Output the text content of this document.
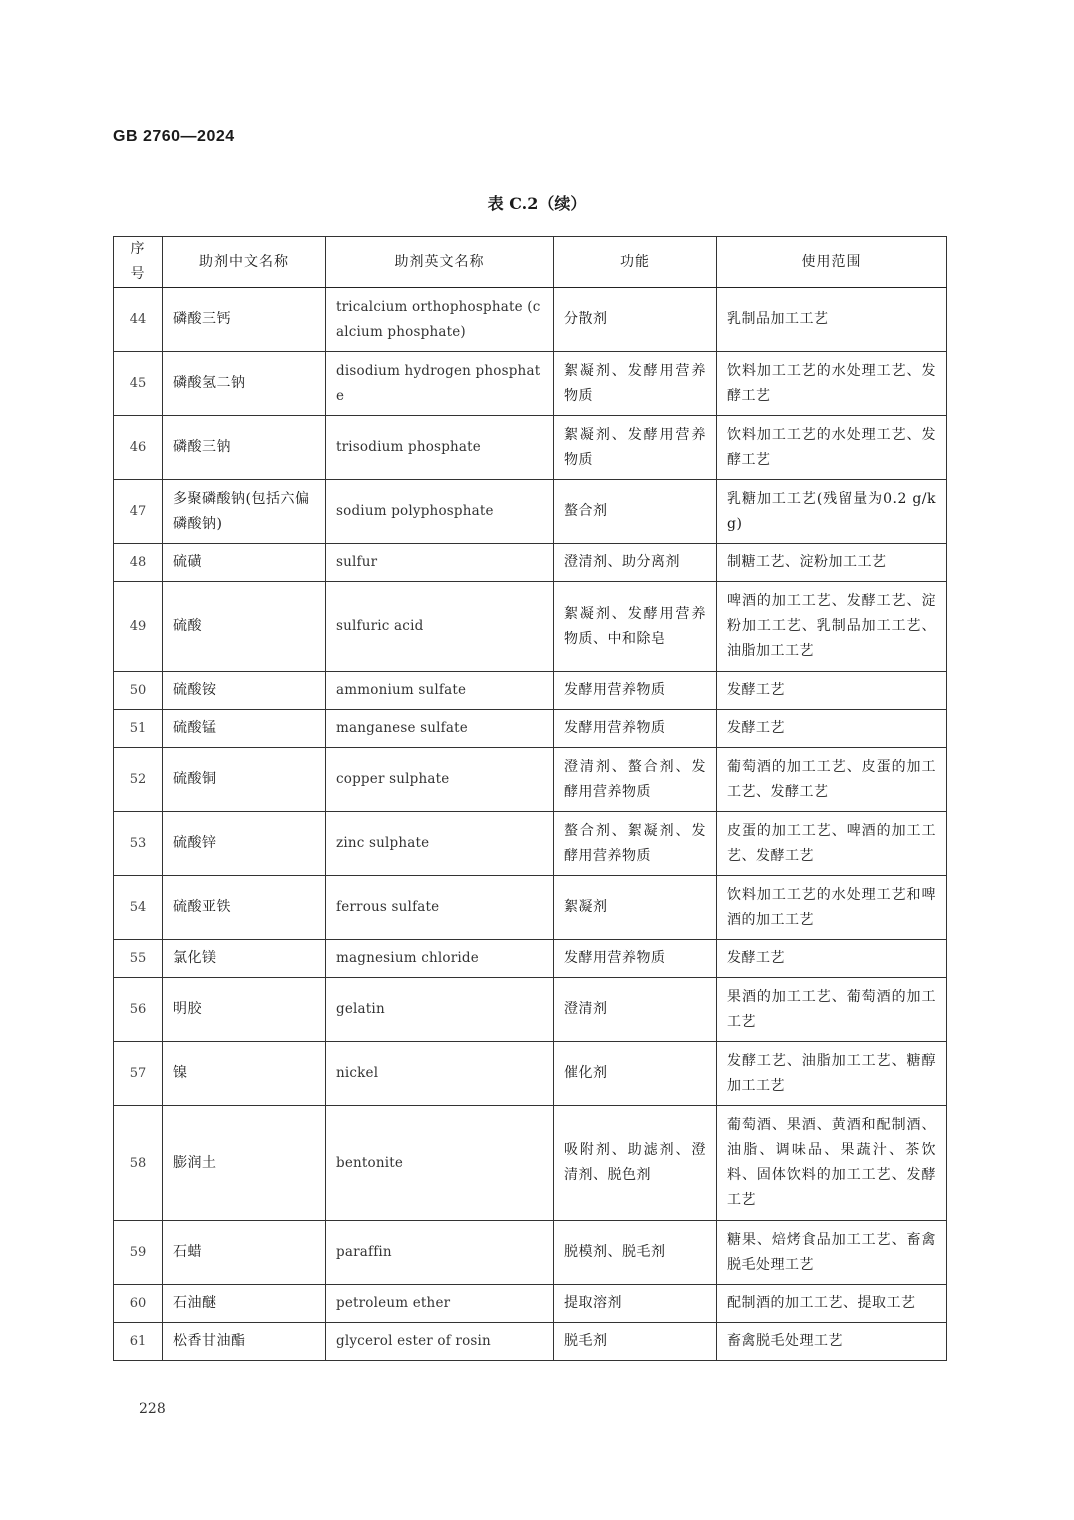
GB 2760—2024
表 C.2（续）
序号	助剂中文名称	助剂英文名称	功能	使用范围
44	磷酸三钙	tricalcium orthophosphate (calcium phosphate)	分散剂	乳制品加工工艺
45	磷酸氢二钠	disodium hydrogen phosphate	絮凝剂、发酵用营养物质	饮料加工工艺的水处理工艺、发酵工艺
46	磷酸三钠	trisodium phosphate	絮凝剂、发酵用营养物质	饮料加工工艺的水处理工艺、发酵工艺
47	多聚磷酸钠(包括六偏磷酸钠)	sodium polyphosphate	螯合剂	乳糖加工工艺(残留量为0.2 g/kg)
48	硫磺	sulfur	澄清剂、助分离剂	制糖工艺、淀粉加工工艺
49	硫酸	sulfuric acid	絮凝剂、发酵用营养物质、中和除皂	啤酒的加工工艺、发酵工艺、淀粉加工工艺、乳制品加工工艺、油脂加工工艺
50	硫酸铵	ammonium sulfate	发酵用营养物质	发酵工艺
51	硫酸锰	manganese sulfate	发酵用营养物质	发酵工艺
52	硫酸铜	copper sulphate	澄清剂、螯合剂、发酵用营养物质	葡萄酒的加工工艺、皮蛋的加工工艺、发酵工艺
53	硫酸锌	zinc sulphate	螯合剂、絮凝剂、发酵用营养物质	皮蛋的加工工艺、啤酒的加工工艺、发酵工艺
54	硫酸亚铁	ferrous sulfate	絮凝剂	饮料加工工艺的水处理工艺和啤酒的加工工艺
55	氯化镁	magnesium chloride	发酵用营养物质	发酵工艺
56	明胶	gelatin	澄清剂	果酒的加工工艺、葡萄酒的加工工艺
57	镍	nickel	催化剂	发酵工艺、油脂加工工艺、糖醇加工工艺
58	膨润土	bentonite	吸附剂、助滤剂、澄清剂、脱色剂	葡萄酒、果酒、黄酒和配制酒、油脂、调味品、果蔬汁、茶饮料、固体饮料的加工工艺、发酵工艺
59	石蜡	paraffin	脱模剂、脱毛剂	糖果、焙烤食品加工工艺、畜禽脱毛处理工艺
60	石油醚	petroleum ether	提取溶剂	配制酒的加工工艺、提取工艺
61	松香甘油酯	glycerol ester of rosin	脱毛剂	畜禽脱毛处理工艺
228
